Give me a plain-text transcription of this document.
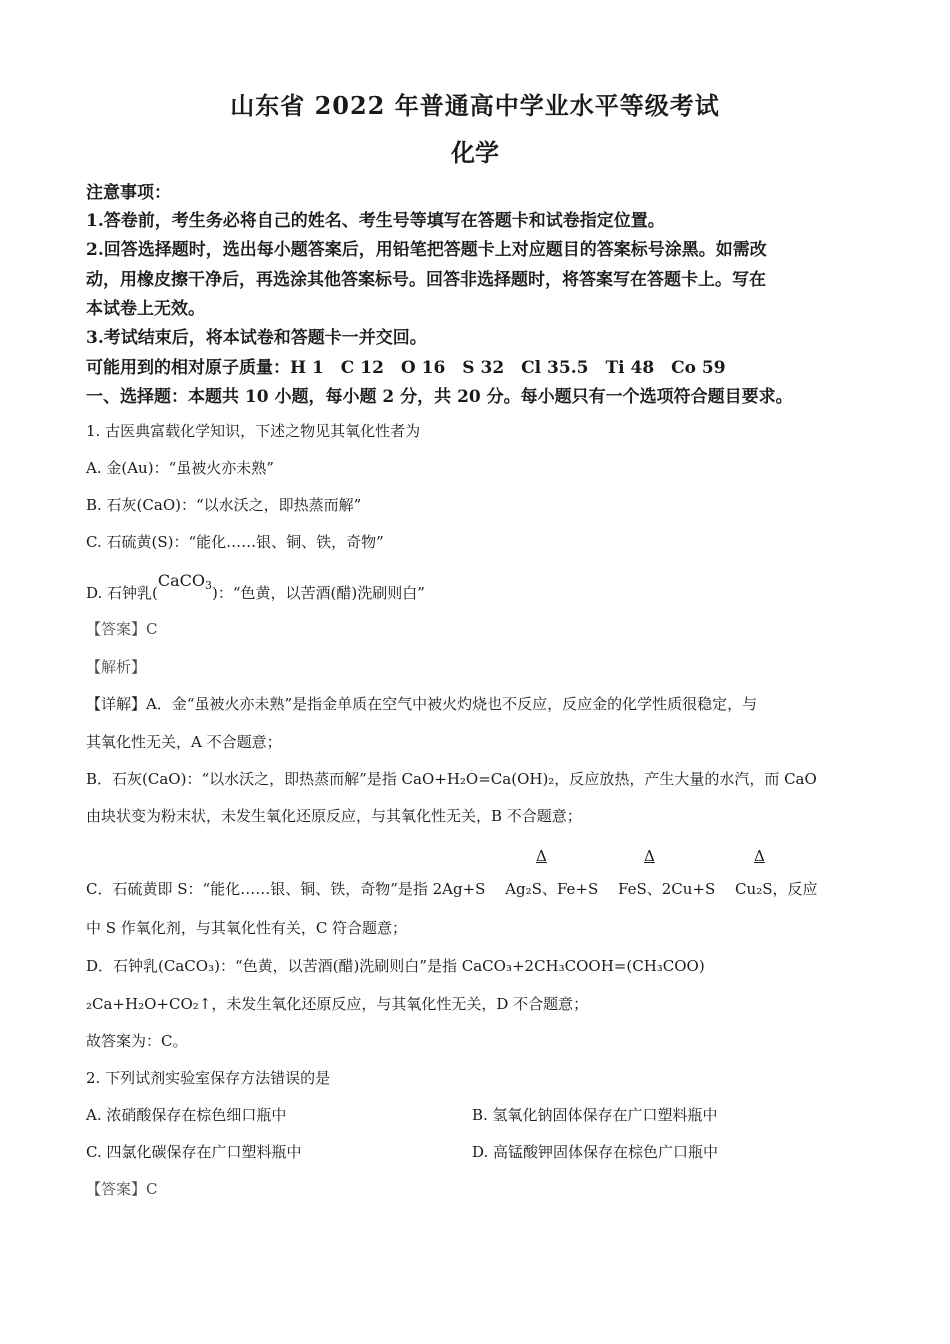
山东省 2022 年普通高中学业水平等级考试
化学
注意事项：
1.答卷前，考生务必将自己的姓名、考生号等填写在答题卡和试卷指定位置。
2.回答选择题时，选出每小题答案后，用铅笔把答题卡上对应题目的答案标号涂黑。如需改
动，用橡皮擦干净后，再选涂其他答案标号。回答非选择题时，将答案写在答题卡上。写在
本试卷上无效。
3.考试结束后，将本试卷和答题卡一并交回。
可能用到的相对原子质量：H 1　C 12　O 16　S 32　Cl 35.5　Ti 48　Co 59
一、选择题：本题共 10 小题，每小题 2 分，共 20 分。每小题只有一个选项符合题目要求。
1. 古医典富载化学知识，下述之物见其氧化性者为
A. 金(Au)：“虽被火亦未熟”
B. 石灰(CaO)：“以水沃之，即热蒸而解”
C. 石硫黄(S)：“能化……银、铜、铁，奇物”
D. 石钟乳(CaCO$_3$)：“色黄，以苦酒(醋)洗刷则白”
【答案】C
【解析】
【详解】A．金“虽被火亦未熟”是指金单质在空气中被火灼烧也不反应，反应金的化学性质很稳定，与
其氧化性无关，A 不合题意；
B．石灰(CaO)：“以水沃之，即热蒸而解”是指 CaO+H₂O=Ca(OH)₂，反应放热，产生大量的水汽，而 CaO
由块状变为粉末状，未发生氧化还原反应，与其氧化性无关，B 不合题意；
Δ	Δ	Δ
C．石硫黄即 S：“能化……银、铜、铁，奇物”是指 2Ag+S　 Ag₂S、Fe+S　 FeS、2Cu+S　 Cu₂S，反应
中 S 作氧化剂，与其氧化性有关，C 符合题意；
D．石钟乳(CaCO₃)：“色黄，以苦酒(醋)洗刷则白”是指 CaCO₃+2CH₃COOH=(CH₃COO)
₂Ca+H₂O+CO₂↑，未发生氧化还原反应，与其氧化性无关，D 不合题意；
故答案为：C。
2. 下列试剂实验室保存方法错误的是
A. 浓硝酸保存在棕色细口瓶中	B. 氢氧化钠固体保存在广口塑料瓶中
C. 四氯化碳保存在广口塑料瓶中	D. 高锰酸钾固体保存在棕色广口瓶中
【答案】C
